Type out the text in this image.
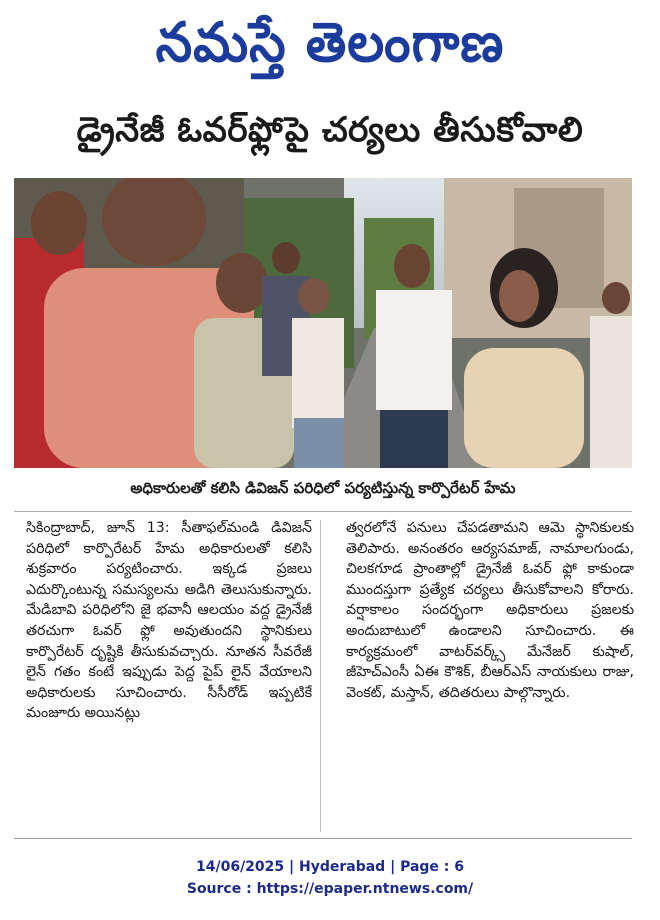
నమస్తే తెలంగాణ
డ్రైనేజీ ఓవర్‌ఫ్లోపై చర్యలు తీసుకోవాలి
అధికారులతో కలిసి డివిజన్ పరిధిలో పర్యటిస్తున్న కార్పొరేటర్ హేమ

సికింద్రాబాద్, జూన్ 13: సీతాఫల్‌మండి డివిజన్ పరిధిలో కార్పొరేటర్ హేమ అధికారులతో కలిసి శుక్రవారం పర్యటించారు. ఇక్కడ ప్రజలు ఎదుర్కొంటున్న సమస్యలను అడిగి తెలుసుకున్నారు. మేడిబావి పరిధిలోని జై భవానీ ఆలయం వద్ద డ్రైనేజీ తరచుగా ఓవర్ ఫ్లో అవుతుందని స్థానికులు కార్పొరేటర్ దృష్టికి తీసుకువచ్చారు. నూతన సీవరేజీ లైన్ గతం కంటే ఇప్పుడు పెద్ద పైప్ లైన్ వేయాలని అధికారులకు సూచించారు. సీసీరోడ్ ఇప్పటికే మంజూరు అయినట్లు

త్వరలోనే పనులు చేపడతామని ఆమె స్థానికులకు తెలిపారు. అనంతరం ఆర్యసమాజ్, నామాలగుండు, చిలకగూడ ప్రాంతాల్లో డ్రైనేజీ ఓవర్ ఫ్లో కాకుండా ముందస్తుగా ప్రత్యేక చర్యలు తీసుకోవాలని కోరారు. వర్షాకాలం సందర్భంగా అధికారులు ప్రజలకు అందుబాటులో ఉండాలని సూచించారు. ఈ కార్యక్రమంలో వాటర్‌వర్క్స్ మేనేజర్ కుషాల్, జీహెచ్‌ఎంసీ ఏఈ కౌశిక్, బీఆర్‌ఎస్ నాయకులు రాజు, వెంకట్, మస్తాన్, తదితరులు పాల్గొన్నారు.

14/06/2025 | Hyderabad | Page : 6
Source : https://epaper.ntnews.com/
